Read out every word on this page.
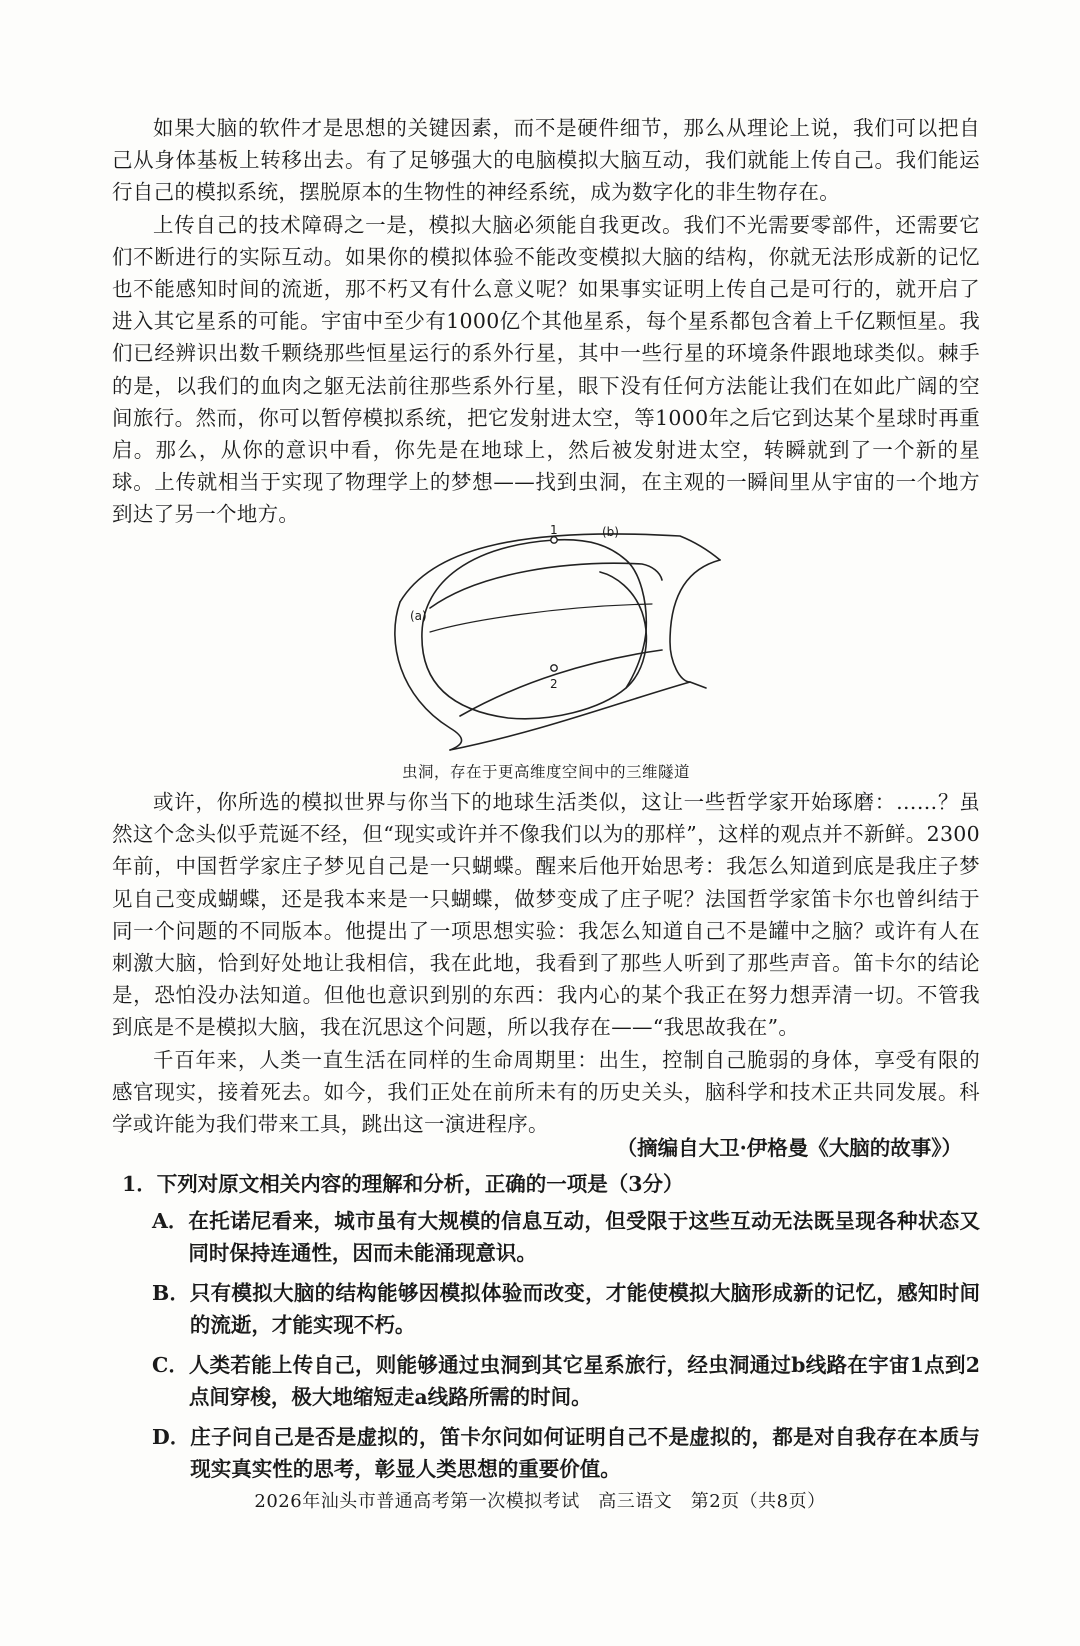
如果大脑的软件才是思想的关键因素，而不是硬件细节，那么从理论上说，我们可以把自己从身体基板上转移出去。有了足够强大的电脑模拟大脑互动，我们就能上传自己。我们能运行自己的模拟系统，摆脱原本的生物性的神经系统，成为数字化的非生物存在。

上传自己的技术障碍之一是，模拟大脑必须能自我更改。我们不光需要零部件，还需要它们不断进行的实际互动。如果你的模拟体验不能改变模拟大脑的结构，你就无法形成新的记忆也不能感知时间的流逝，那不朽又有什么意义呢？如果事实证明上传自己是可行的，就开启了进入其它星系的可能。宇宙中至少有1000亿个其他星系，每个星系都包含着上千亿颗恒星。我们已经辨识出数千颗绕那些恒星运行的系外行星，其中一些行星的环境条件跟地球类似。棘手的是，以我们的血肉之躯无法前往那些系外行星，眼下没有任何方法能让我们在如此广阔的空间旅行。然而，你可以暂停模拟系统，把它发射进太空，等1000年之后它到达某个星球时再重启。那么，从你的意识中看，你先是在地球上，然后被发射进太空，转瞬就到了一个新的星球。上传就相当于实现了物理学上的梦想——找到虫洞，在主观的一瞬间里从宇宙的一个地方到达了另一个地方。

1	(b)
(a)
2
虫洞，存在于更高维度空间中的三维隧道

或许，你所选的模拟世界与你当下的地球生活类似，这让一些哲学家开始琢磨：……？虽然这个念头似乎荒诞不经，但“现实或许并不像我们以为的那样”，这样的观点并不新鲜。2300年前，中国哲学家庄子梦见自己是一只蝴蝶。醒来后他开始思考：我怎么知道到底是我庄子梦见自己变成蝴蝶，还是我本来是一只蝴蝶，做梦变成了庄子呢？法国哲学家笛卡尔也曾纠结于同一个问题的不同版本。他提出了一项思想实验：我怎么知道自己不是罐中之脑？或许有人在刺激大脑，恰到好处地让我相信，我在此地，我看到了那些人听到了那些声音。笛卡尔的结论是，恐怕没办法知道。但他也意识到别的东西：我内心的某个我正在努力想弄清一切。不管我到底是不是模拟大脑，我在沉思这个问题，所以我存在——“我思故我在”。

千百年来，人类一直生活在同样的生命周期里：出生，控制自己脆弱的身体，享受有限的感官现实，接着死去。如今，我们正处在前所未有的历史关头，脑科学和技术正共同发展。科学或许能为我们带来工具，跳出这一演进程序。

（摘编自大卫·伊格曼《大脑的故事》）

1．下列对原文相关内容的理解和分析，正确的一项是（3分）

A． 在托诺尼看来，城市虽有大规模的信息互动，但受限于这些互动无法既呈现各种状态又同时保持连通性，因而未能涌现意识。
B． 只有模拟大脑的结构能够因模拟体验而改变，才能使模拟大脑形成新的记忆，感知时间的流逝，才能实现不朽。
C． 人类若能上传自己，则能够通过虫洞到其它星系旅行，经虫洞通过b线路在宇宙1点到2点间穿梭，极大地缩短走a线路所需的时间。
D． 庄子问自己是否是虚拟的，笛卡尔问如何证明自己不是虚拟的，都是对自我存在本质与现实真实性的思考，彰显人类思想的重要价值。
2026年汕头市普通高考第一次模拟考试　高三语文　第2页（共8页）
